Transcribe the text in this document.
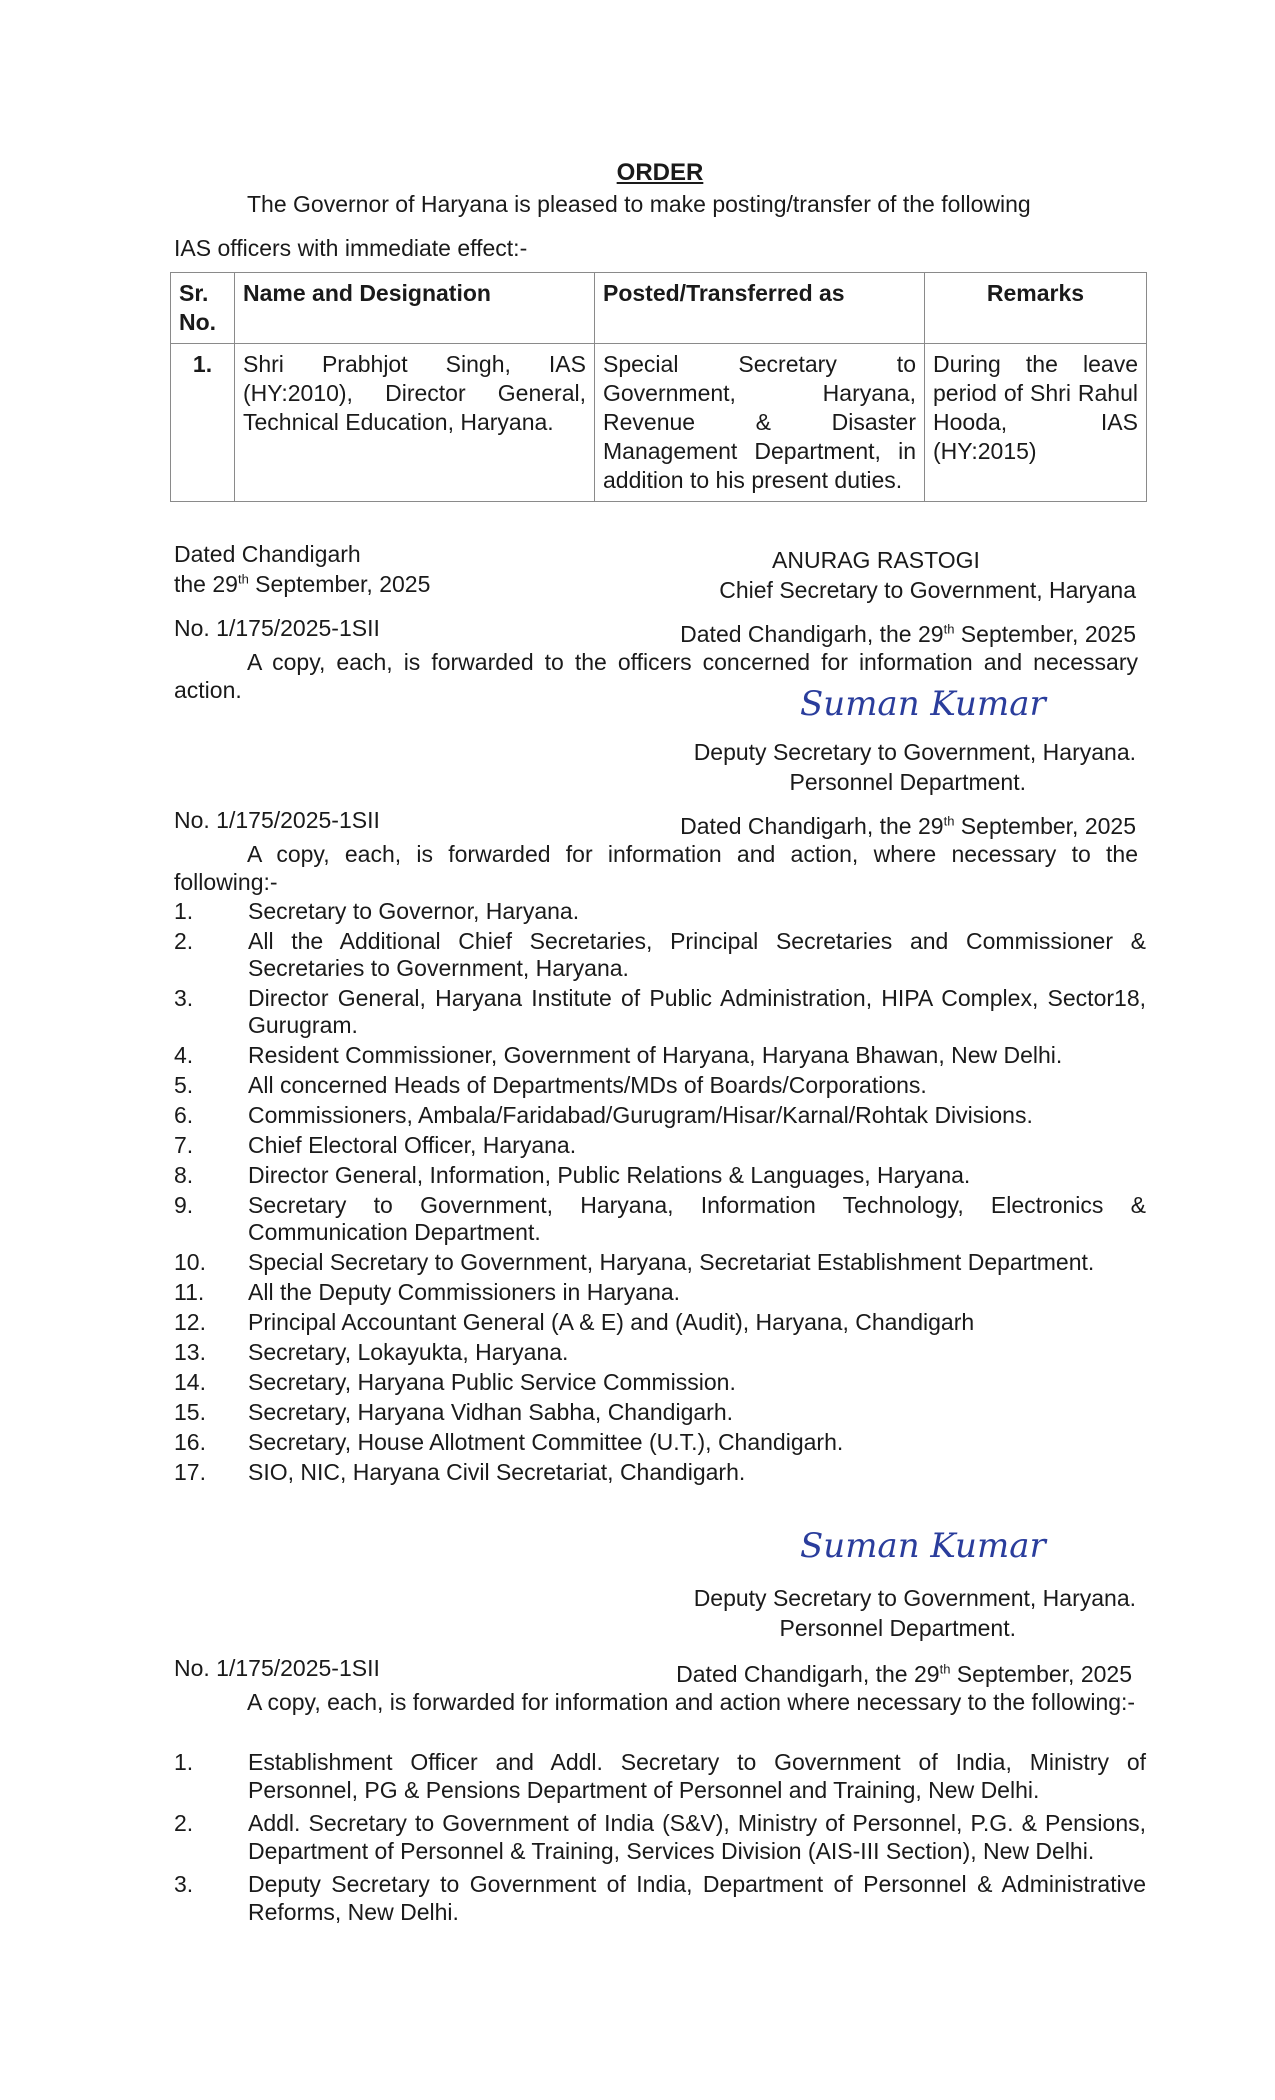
ORDER
The Governor of Haryana is pleased to make posting/transfer of the following
IAS officers with immediate effect:-
Sr. No.	Name and Designation	Posted/Transferred as	Remarks
1.	Shri Prabhjot Singh, IAS (HY:2010), Director General, Technical Education, Haryana.	Special Secretary to Government, Haryana, Revenue & Disaster Management Department, in addition to his present duties.	During the leave period of Shri Rahul Hooda, IAS (HY:2015)
Dated Chandigarh
the 29th September, 2025
ANURAG RASTOGI
Chief Secretary to Government, Haryana
No. 1/175/2025-1SII	Dated Chandigarh, the 29th September, 2025
A copy, each, is forwarded to the officers concerned for information and necessary action.	Suman Kumar
Deputy Secretary to Government, Haryana.
Personnel Department.
No. 1/175/2025-1SII	Dated Chandigarh, the 29th September, 2025
A copy, each, is forwarded for information and action, where necessary to the following:-
1.	Secretary to Governor, Haryana.
2.	All the Additional Chief Secretaries, Principal Secretaries and Commissioner & Secretaries to Government, Haryana.
3.	Director General, Haryana Institute of Public Administration, HIPA Complex, Sector18, Gurugram.
4.	Resident Commissioner, Government of Haryana, Haryana Bhawan, New Delhi.
5.	All concerned Heads of Departments/MDs of Boards/Corporations.
6.	Commissioners, Ambala/Faridabad/Gurugram/Hisar/Karnal/Rohtak Divisions.
7.	Chief Electoral Officer, Haryana.
8.	Director General, Information, Public Relations & Languages, Haryana.
9.	Secretary to Government, Haryana, Information Technology, Electronics & Communication Department.
10.	Special Secretary to Government, Haryana, Secretariat Establishment Department.
11.	All the Deputy Commissioners in Haryana.
12.	Principal Accountant General (A & E) and (Audit), Haryana, Chandigarh
13.	Secretary, Lokayukta, Haryana.
14.	Secretary, Haryana Public Service Commission.
15.	Secretary, Haryana Vidhan Sabha, Chandigarh.
16.	Secretary, House Allotment Committee (U.T.), Chandigarh.
17.	SIO, NIC, Haryana Civil Secretariat, Chandigarh.
Suman Kumar
Deputy Secretary to Government, Haryana.
Personnel Department.
No. 1/175/2025-1SII	Dated Chandigarh, the 29th September, 2025
A copy, each, is forwarded for information and action where necessary to the following:-
1.	Establishment Officer and Addl. Secretary to Government of India, Ministry of Personnel, PG & Pensions Department of Personnel and Training, New Delhi.
2.	Addl. Secretary to Government of India (S&V), Ministry of Personnel, P.G. & Pensions, Department of Personnel & Training, Services Division (AIS-III Section), New Delhi.
3.	Deputy Secretary to Government of India, Department of Personnel & Administrative Reforms, New Delhi.
